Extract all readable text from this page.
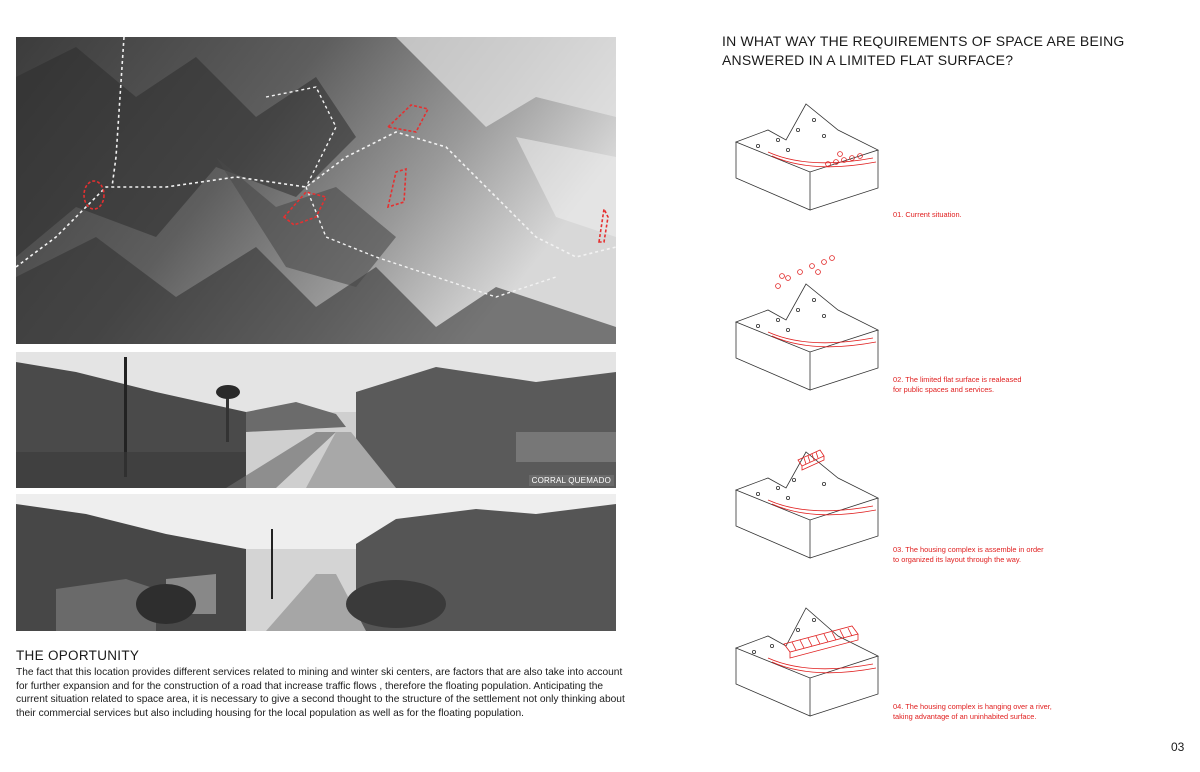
CORRAL QUEMADO
THE OPORTUNITY

The fact that this location provides different services related to mining and winter ski centers, are factors that are also take into account for further expansion and for the construction of a road that increase traffic flows , therefore the floating population. Anticipating the current situation related to space area, it is necessary to give a second thought to the structure of the settlement not only thinking about their commercial services but also including housing for the local population as well as for the floating population.

IN WHAT WAY THE REQUIREMENTS OF SPACE ARE BEING
ANSWERED IN A LIMITED FLAT SURFACE?

01. Current situation.

02. The limited flat surface is realeased
for public spaces and services.

03. The housing complex is assemble in order
to organized its layout through the way.

04. The housing complex is hanging over a river,
taking advantage of an uninhabited surface.

03
